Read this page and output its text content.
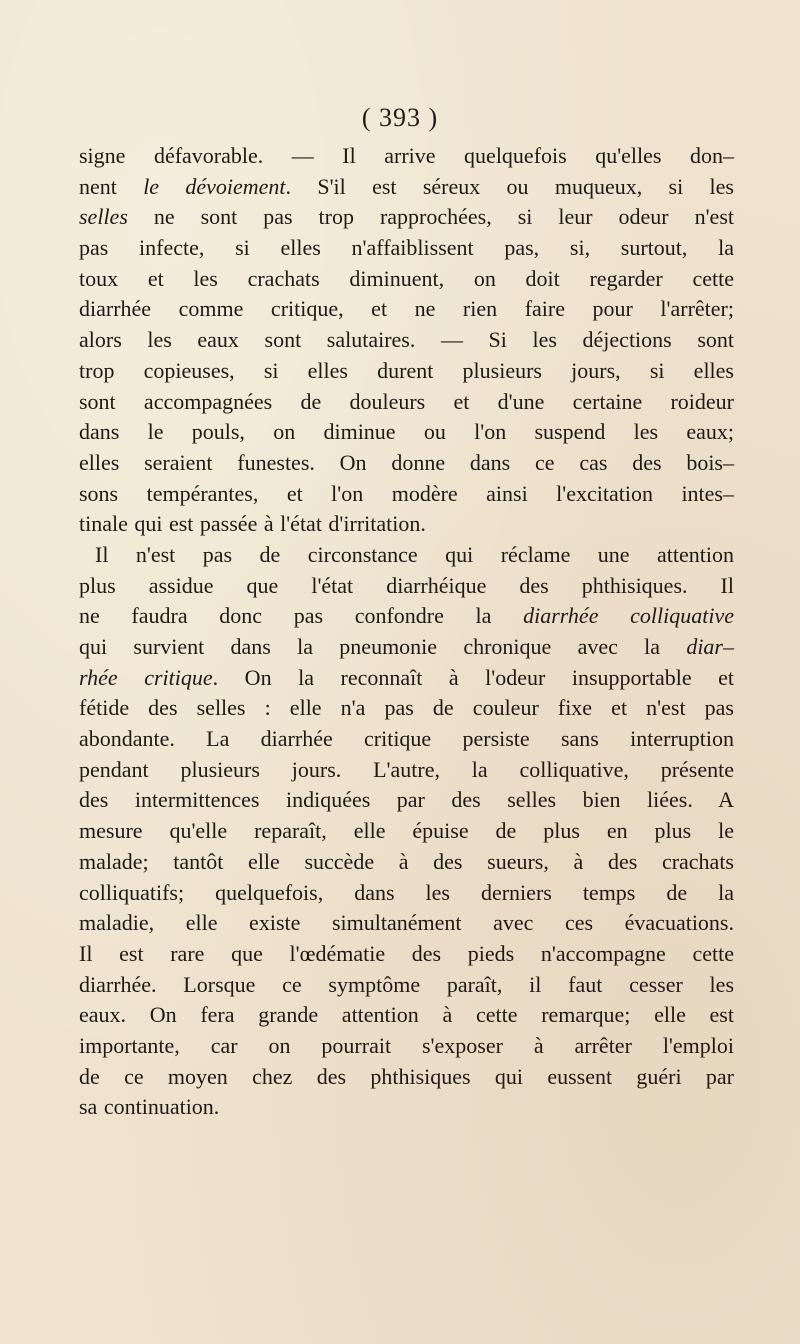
( 393 )
signe défavorable. — Il arrive quelquefois qu'elles don–
nent le dévoiement. S'il est séreux ou muqueux, si les
selles ne sont pas trop rapprochées, si leur odeur n'est
pas infecte, si elles n'affaiblissent pas, si, surtout, la
toux et les crachats diminuent, on doit regarder cette
diarrhée comme critique, et ne rien faire pour l'arrêter;
alors les eaux sont salutaires. — Si les déjections sont
trop copieuses, si elles durent plusieurs jours, si elles
sont accompagnées de douleurs et d'une certaine roideur
dans le pouls, on diminue ou l'on suspend les eaux;
elles seraient funestes. On donne dans ce cas des bois–
sons tempérantes, et l'on modère ainsi l'excitation intes–
tinale qui est passée à l'état d'irritation.
Il n'est pas de circonstance qui réclame une attention
plus assidue que l'état diarrhéique des phthisiques. Il
ne faudra donc pas confondre la diarrhée colliquative
qui survient dans la pneumonie chronique avec la diar–
rhée critique. On la reconnaît à l'odeur insupportable et
fétide des selles : elle n'a pas de couleur fixe et n'est pas
abondante. La diarrhée critique persiste sans interruption
pendant plusieurs jours. L'autre, la colliquative, présente
des intermittences indiquées par des selles bien liées. A
mesure qu'elle reparaît, elle épuise de plus en plus le
malade; tantôt elle succède à des sueurs, à des crachats
colliquatifs; quelquefois, dans les derniers temps de la
maladie, elle existe simultanément avec ces évacuations.
Il est rare que l'œdématie des pieds n'accompagne cette
diarrhée. Lorsque ce symptôme paraît, il faut cesser les
eaux. On fera grande attention à cette remarque; elle est
importante, car on pourrait s'exposer à arrêter l'emploi
de ce moyen chez des phthisiques qui eussent guéri par
sa continuation.
